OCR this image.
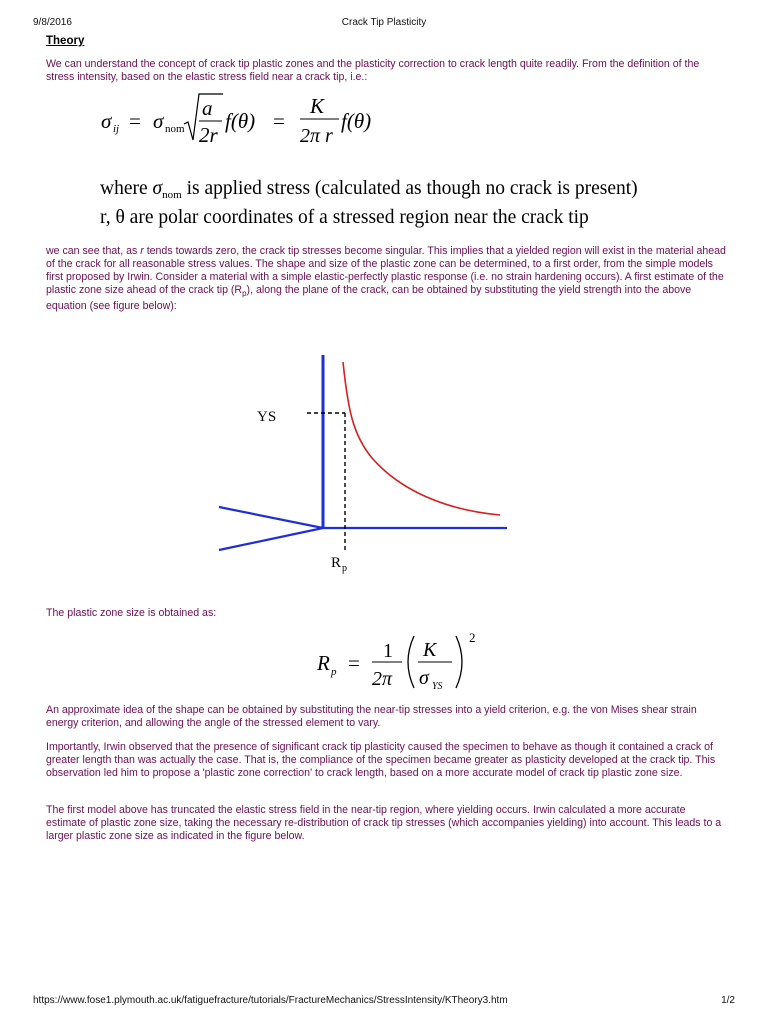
9/8/2016	Crack Tip Plasticity
Theory

We can understand the concept of crack tip plastic zones and the plasticity correction to crack length quite readily. From the definition of the stress intensity, based on the elastic stress field near a crack tip, i.e.:

σ ij = σ nom
a
2r
f(θ) =
K
2π r
f(θ)
where $\sigma_{nom}$ is applied stress (calculated as though no crack is present)
r, θ are polar coordinates of a stressed region near the crack tip

we can see that, as r tends towards zero, the crack tip stresses become singular. This implies that a yielded region will exist in the material ahead of the crack for all reasonable stress values. The shape and size of the plastic zone can be determined, to a first order, from the simple models first proposed by Irwin. Consider a material with a simple elastic-perfectly plastic response (i.e. no strain hardening occurs). A first estimate of the plastic zone size ahead of the crack tip $(R_p)$, along the plane of the crack, can be obtained by substituting the yield strength into the above equation (see figure below):

YS
R p

The plastic zone size is obtained as:

R p = 1
2π
K
σ YS
2

An approximate idea of the shape can be obtained by substituting the near-tip stresses into a yield criterion, e.g. the von Mises shear strain energy criterion, and allowing the angle of the stressed element to vary.

Importantly, Irwin observed that the presence of significant crack tip plasticity caused the specimen to behave as though it contained a crack of greater length than was actually the case. That is, the compliance of the specimen became greater as plasticity developed at the crack tip. This observation led him to propose a 'plastic zone correction' to crack length, based on a more accurate model of crack tip plastic zone size.

The first model above has truncated the elastic stress field in the near-tip region, where yielding occurs. Irwin calculated a more accurate estimate of plastic zone size, taking the necessary re-distribution of crack tip stresses (which accompanies yielding) into account. This leads to a larger plastic zone size as indicated in the figure below.

https://www.fose1.plymouth.ac.uk/fatiguefracture/tutorials/FractureMechanics/StressIntensity/KTheory3.htm	1/2
